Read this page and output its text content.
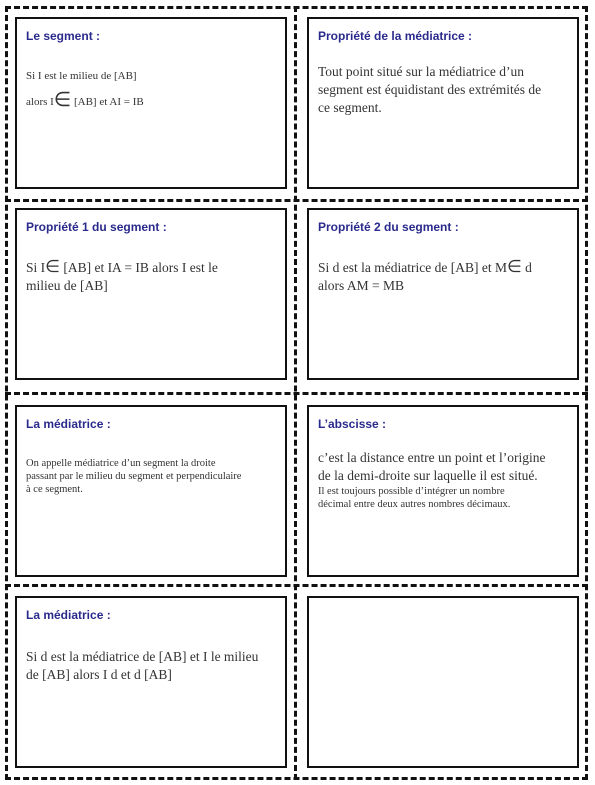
Le segment :
Si I est le milieu de [AB]
alors I∈ [AB] et AI = IB
Propriété de la médiatrice :
Tout point situé sur la médiatrice d’un
segment est équidistant des extrémités de
ce segment.
Propriété 1 du segment :
Si I∈ [AB] et IA = IB alors I est le
milieu de [AB]
Propriété 2 du segment :
Si d est la médiatrice de [AB] et M∈ d
alors AM = MB
La médiatrice :
On appelle médiatrice d’un segment la droite
passant par le milieu du segment et perpendiculaire
à ce segment.
L’abscisse :
c’est la distance entre un point et l’origine
de la demi-droite sur laquelle il est situé.
Il est toujours possible d’intégrer un nombre
décimal entre deux autres nombres décimaux.
La médiatrice :
Si d est la médiatrice de [AB] et I le milieu
de [AB] alors I d et d [AB]
